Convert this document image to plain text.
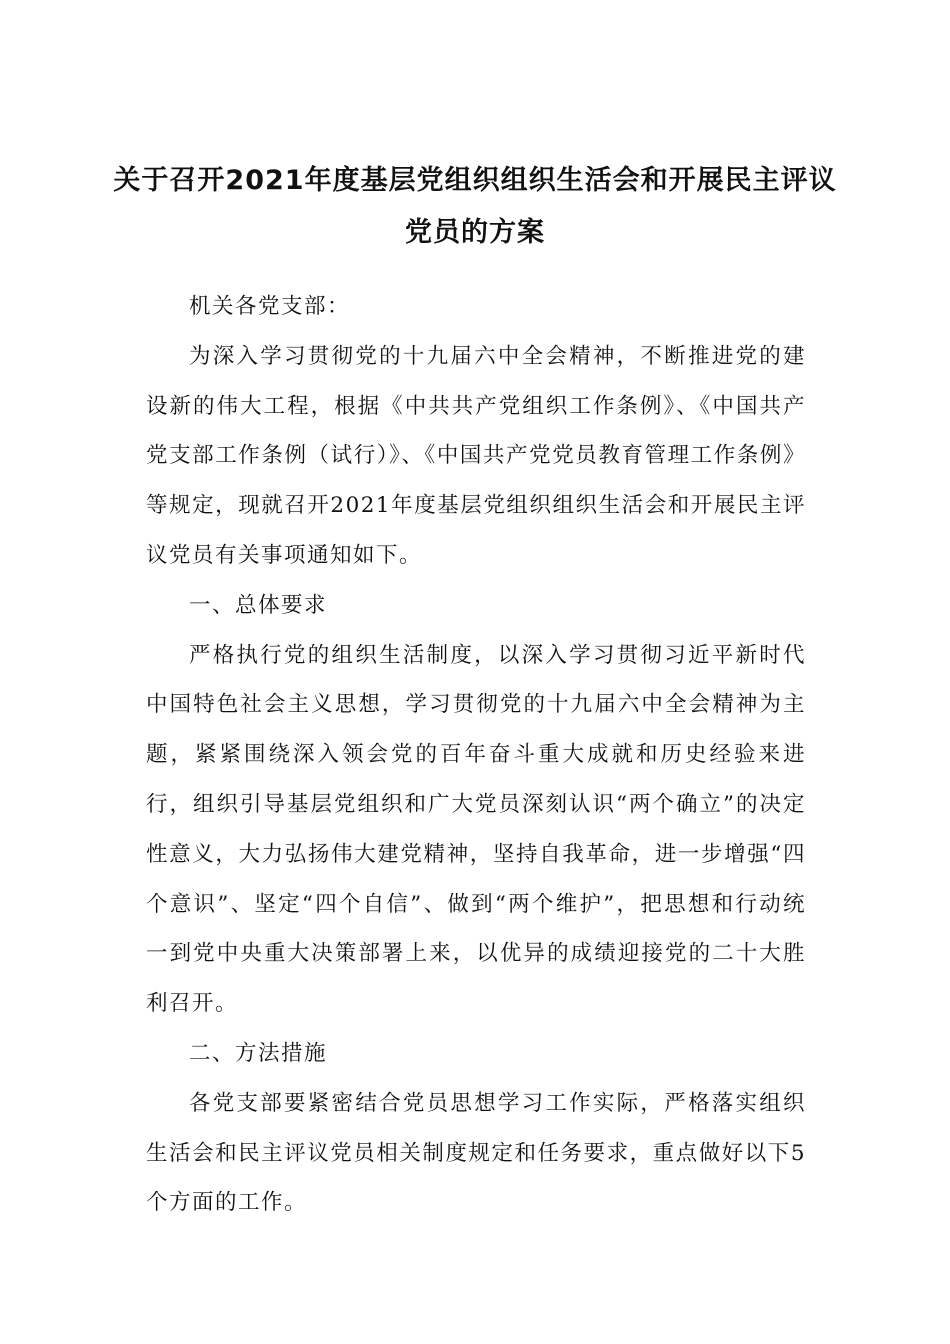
关于召开2021年度基层党组织组织生活会和开展民主评议
党员的方案

机关各党支部：

为深入学习贯彻党的十九届六中全会精神，不断推进党的建设新的伟大工程，根据《中共共产党组织工作条例》、《中国共产党支部工作条例（试行）》、《中国共产党党员教育管理工作条例》等规定，现就召开2021年度基层党组织组织生活会和开展民主评议党员有关事项通知如下。

一、总体要求

严格执行党的组织生活制度，以深入学习贯彻习近平新时代中国特色社会主义思想，学习贯彻党的十九届六中全会精神为主题，紧紧围绕深入领会党的百年奋斗重大成就和历史经验来进行，组织引导基层党组织和广大党员深刻认识“两个确立”的决定性意义，大力弘扬伟大建党精神，坚持自我革命，进一步增强“四个意识”、坚定“四个自信”、做到“两个维护”，把思想和行动统一到党中央重大决策部署上来，以优异的成绩迎接党的二十大胜利召开。

二、方法措施

各党支部要紧密结合党员思想学习工作实际，严格落实组织生活会和民主评议党员相关制度规定和任务要求，重点做好以下5个方面的工作。
